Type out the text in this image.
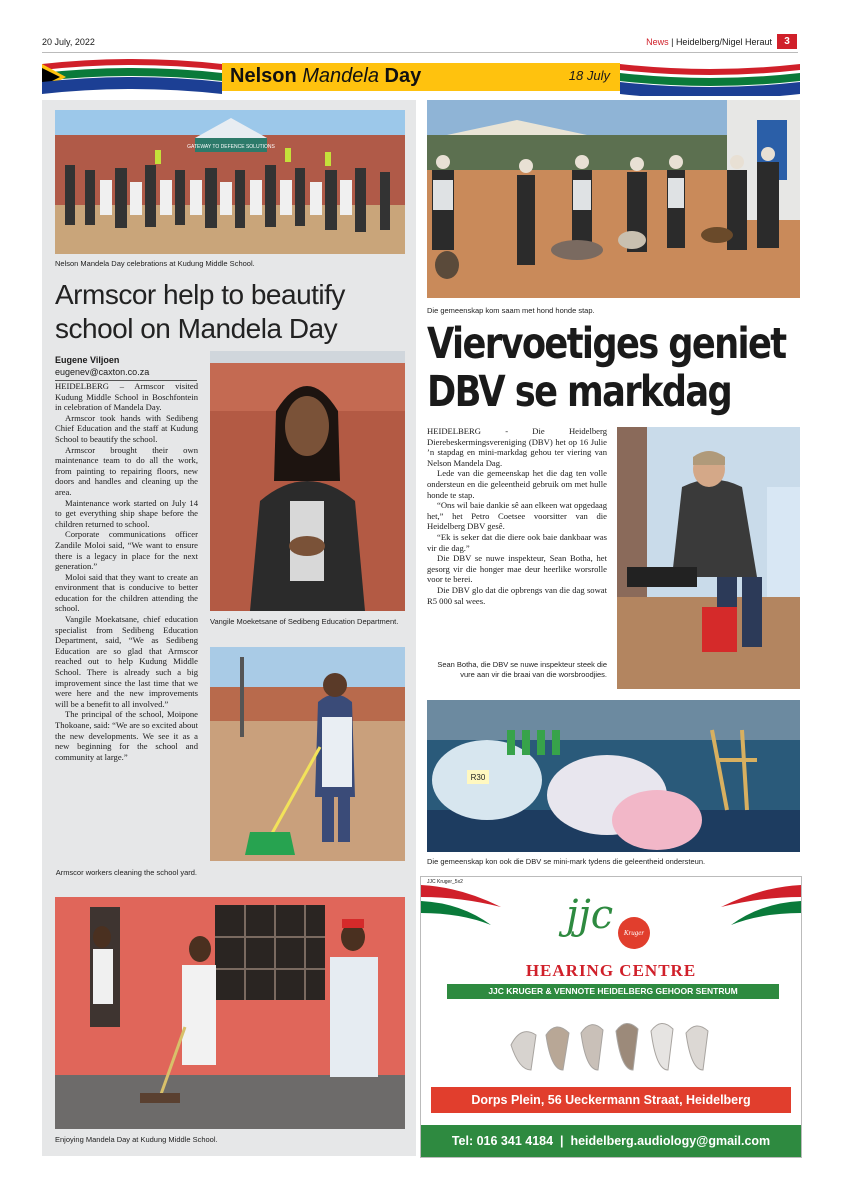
20 July, 2022	News | Heidelberg/Nigel Heraut	3
Nelson Mandela Day	18 July
GATEWAY TO DEFENCE SOLUTIONS
Nelson Mandela Day celebrations at Kudung Middle School.
Armscor help to beautify school on Mandela Day
Eugene Viljoen
eugenev@caxton.co.za

HEIDELBERG – Armscor visited Kudung Middle School in Boschfontein in celebration of Mandela Day.

Armscor took hands with Sedibeng Chief Education and the staff at Kudung School to beautify the school.

Armscor brought their own maintenance team to do all the work, from painting to repairing floors, new doors and handles and cleaning up the area.

Maintenance work started on July 14 to get everything ship shape before the children returned to school.

Corporate communications officer Zandile Moloi said, “We want to ensure there is a legacy in place for the next generation.”

Moloi said that they want to create an environment that is conducive to better education for the children attending the school.

Vangile Moekatsane, chief education specialist from Sedibeng Education Department, said, “We as Sedibeng Education are so glad that Armscor reached out to help Kudung Middle School. There is already such a big improvement since the last time that we were here and the new improvements will be a benefit to all involved.”

The principal of the school, Moipone Thokoane, said: “We are so excited about the new developments. We see it as a new beginning for the school and community at large.”

Vangile Moeketsane of Sedibeng Education Department.
Armscor workers cleaning the school yard.
Enjoying Mandela Day at Kudung Middle School.
Die gemeenskap kom saam met hond honde stap.
Viervoetiges geniet
DBV se markdag

HEIDELBERG - Die Heidelberg Dierebeskermingsvereniging (DBV) het op 16 Julie ’n stapdag en mini-markdag gehou ter viering van Nelson Mandela Dag.

Lede van die gemeenskap het die dag ten volle ondersteun en die geleentheid gebruik om met hulle honde te stap.

“Ons wil baie dankie sê aan elkeen wat opgedaag het,” het Petro Coetsee voorsitter van die Heidelberg DBV gesê.

“Ek is seker dat die diere ook baie dankbaar was vir die dag.”

Die DBV se nuwe inspekteur, Sean Botha, het gesorg vir die honger mae deur heerlike worsrolle voor te berei.

Die DBV glo dat die opbrengs van die dag sowat R5 000 sal wees.

Sean Botha, die DBV se nuwe inspekteur steek die vure aan vir die braai van die worsbroodjies.
R30
Die gemeenskap kon ook die DBV se mini-mark tydens die geleentheid ondersteun.
JJC Kruger_5x2
jjc	Kruger
HEARING CENTRE
JJC KRUGER & VENNOTE HEIDELBERG GEHOOR SENTRUM
Dorps Plein, 56 Ueckermann Straat, Heidelberg
Tel: 016 341 4184  |  heidelberg.audiology@gmail.com
